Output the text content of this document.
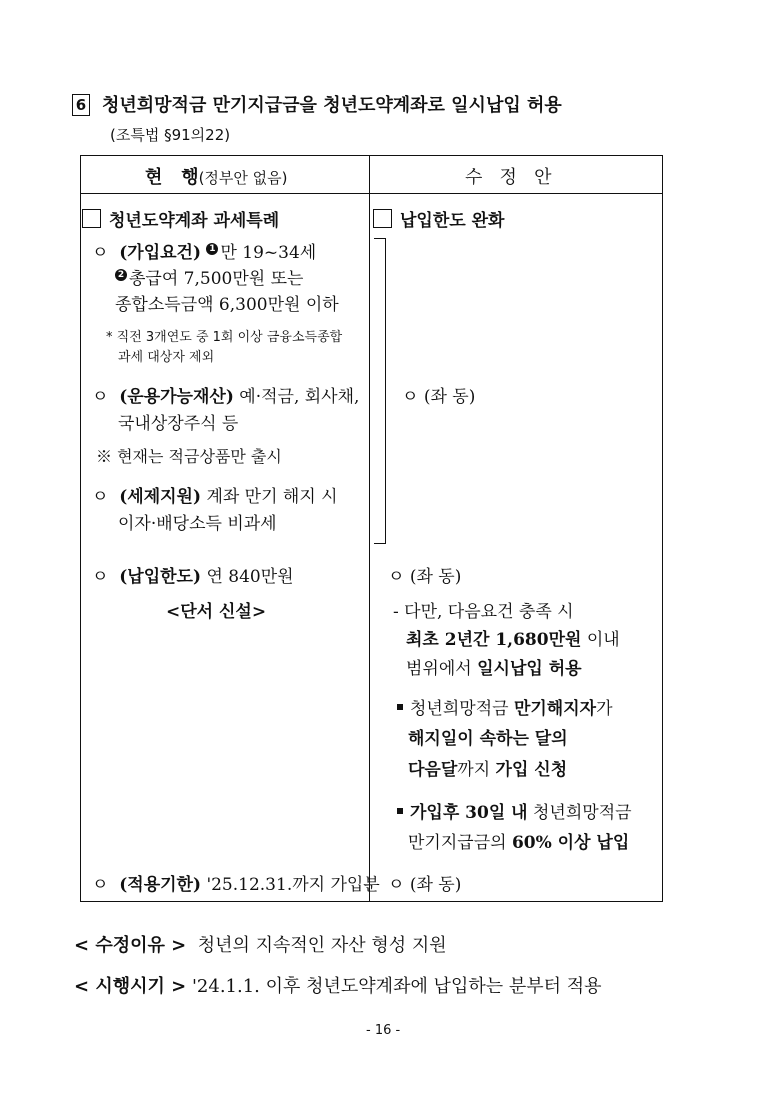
6 청년희망적금 만기지급금을 청년도약계좌로 일시납입 허용
(조특법 §91의22)
현   행(정부안 없음)	수   정   안
청년도약계좌 과세특례
ㅇ (가입요건) 1 만 19~34세
2 총급여 7,500만원 또는
종합소득금액 6,300만원 이하
* 직전 3개연도 중 1회 이상 금융소득종합
과세 대상자 제외
ㅇ (운용가능재산) 예·적금, 회사채,
국내상장주식 등
※ 현재는 적금상품만 출시
ㅇ (세제지원) 계좌 만기 해지 시
이자·배당소득 비과세
ㅇ (납입한도) 연 840만원
<단서 신설>
ㅇ (적용기한) '25.12.31.까지 가입분
납입한도 완화
ㅇ (좌 동)
ㅇ (좌 동)
- 다만, 다음요건 충족 시
최초 2년간 1,680만원 이내
범위에서 일시납입 허용
청년희망적금 만기해지자가
해지일이 속하는 달의
다음달까지 가입 신청
가입후 30일 내 청년희망적금
만기지급금의 60% 이상 납입
ㅇ (좌 동)
< 수정이유 > 청년의 지속적인 자산 형성 지원
< 시행시기 > '24.1.1. 이후 청년도약계좌에 납입하는 분부터 적용
- 16 -
